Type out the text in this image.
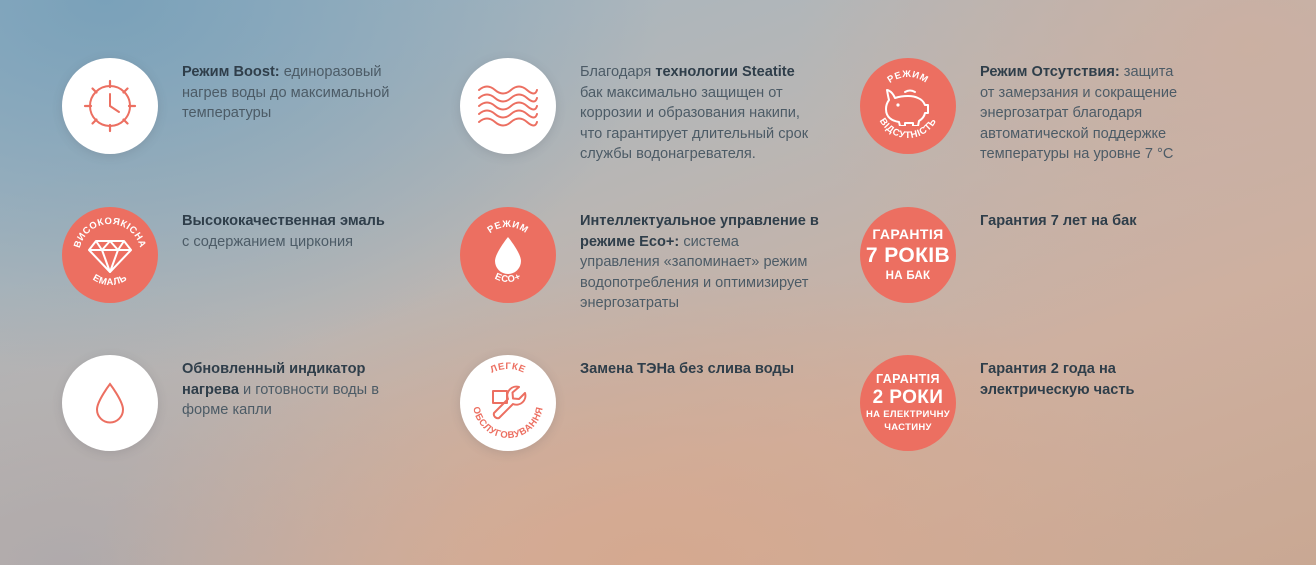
Режим Boost: единоразовый нагрев воды до максимальной температуры
Благодаря технологии Steatite бак максимально защищен от коррозии и образования накипи, что гарантирует длительный срок службы водонагревателя.
РЕЖИМ
ВІДСУТНІСТЬ
Режим Отсутствия: защита от замерзания и сокращение энергозатрат благодаря автоматической поддержке температуры на уровне 7 °С
ВИСОКОЯКІСНА
ЕМАЛЬ
Высококачественная эмаль с содержанием циркония
РЕЖИМ
ECO+
Интеллектуальное управление в режиме Eco+: система управления «запоминает» режим водопотребления и оптимизирует энергозатраты
ГАРАНТІЯ
7 РОКІВ
НА БАК
Гарантия 7 лет на бак
Обновленный индикатор нагрева и готовности воды в форме капли
ЛЕГКЕ
ОБСЛУГОВУВАННЯ
Замена ТЭНа без слива воды
ГАРАНТІЯ
2 РОКИ
НА ЕЛЕКТРИЧНУ
ЧАСТИНУ
Гарантия 2 года на электрическую часть
